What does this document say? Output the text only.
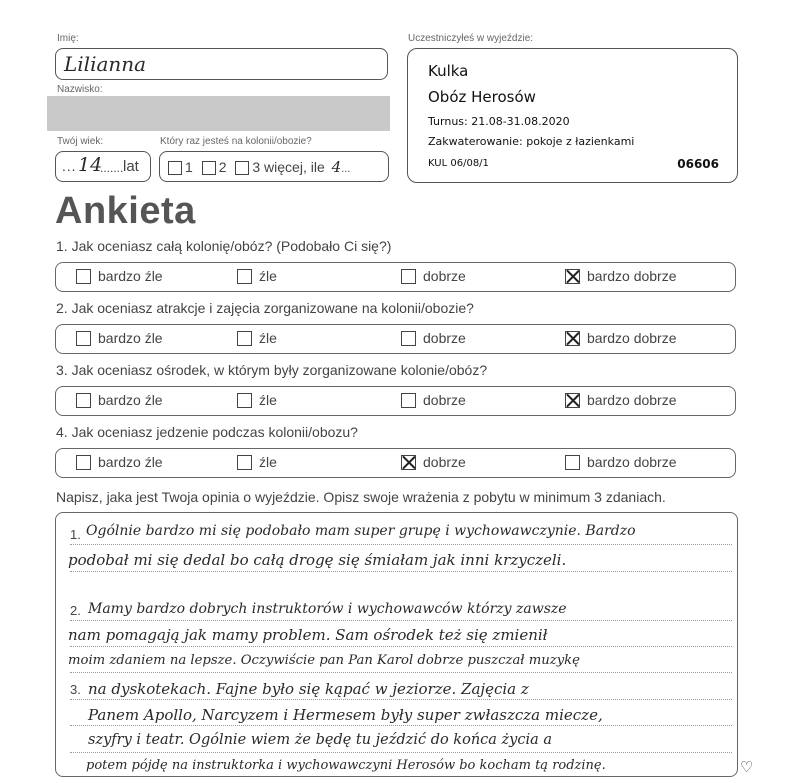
Imię:
Lilianna
Nazwisko:
Twój wiek:	Który raz jesteś na kolonii/obozie?
... 14
....... lat	1 2 3 więcej, ile 4...
Uczestniczyłeś w wyjeździe:
Kulka
Obóz Herosów
Turnus: 21.08-31.08.2020
Zakwaterowanie: pokoje z łazienkami
KUL 06/08/1	06606
Ankieta
1. Jak oceniasz całą kolonię/obóz? (Podobało Ci się?)
bardzo źle	źle	dobrze	bardzo dobrze
2. Jak oceniasz atrakcje i zajęcia zorganizowane na kolonii/obozie?
bardzo źle	źle	dobrze	bardzo dobrze
3. Jak oceniasz ośrodek, w którym były zorganizowane kolonie/obóz?
bardzo źle	źle	dobrze	bardzo dobrze
4. Jak oceniasz jedzenie podczas kolonii/obozu?
bardzo źle	źle	dobrze	bardzo dobrze
Napisz, jaka jest Twoja opinia o wyjeździe. Opisz swoje wrażenia z pobytu w minimum 3 zdaniach.
1.
2.
3.
Ogólnie bardzo mi się podobało mam super grupę i wychowawczynie. Bardzo
podobał mi się dedal bo całą drogę się śmiałam jak inni krzyczeli.
Mamy bardzo dobrych instruktorów i wychowawców którzy zawsze
nam pomagają jak mamy problem. Sam ośrodek też się zmienił
moim zdaniem na lepsze. Oczywiście pan Pan Karol dobrze puszczał muzykę
na dyskotekach. Fajne było się kąpać w jeziorze. Zajęcia z
Panem Apollo, Narcyzem i Hermesem były super zwłaszcza miecze,
szyfry i teatr. Ogólnie wiem że będę tu jeździć do końca życia a
potem pójdę na instruktorka i wychowawczyni Herosów bo kocham tą rodzinę.	♡
